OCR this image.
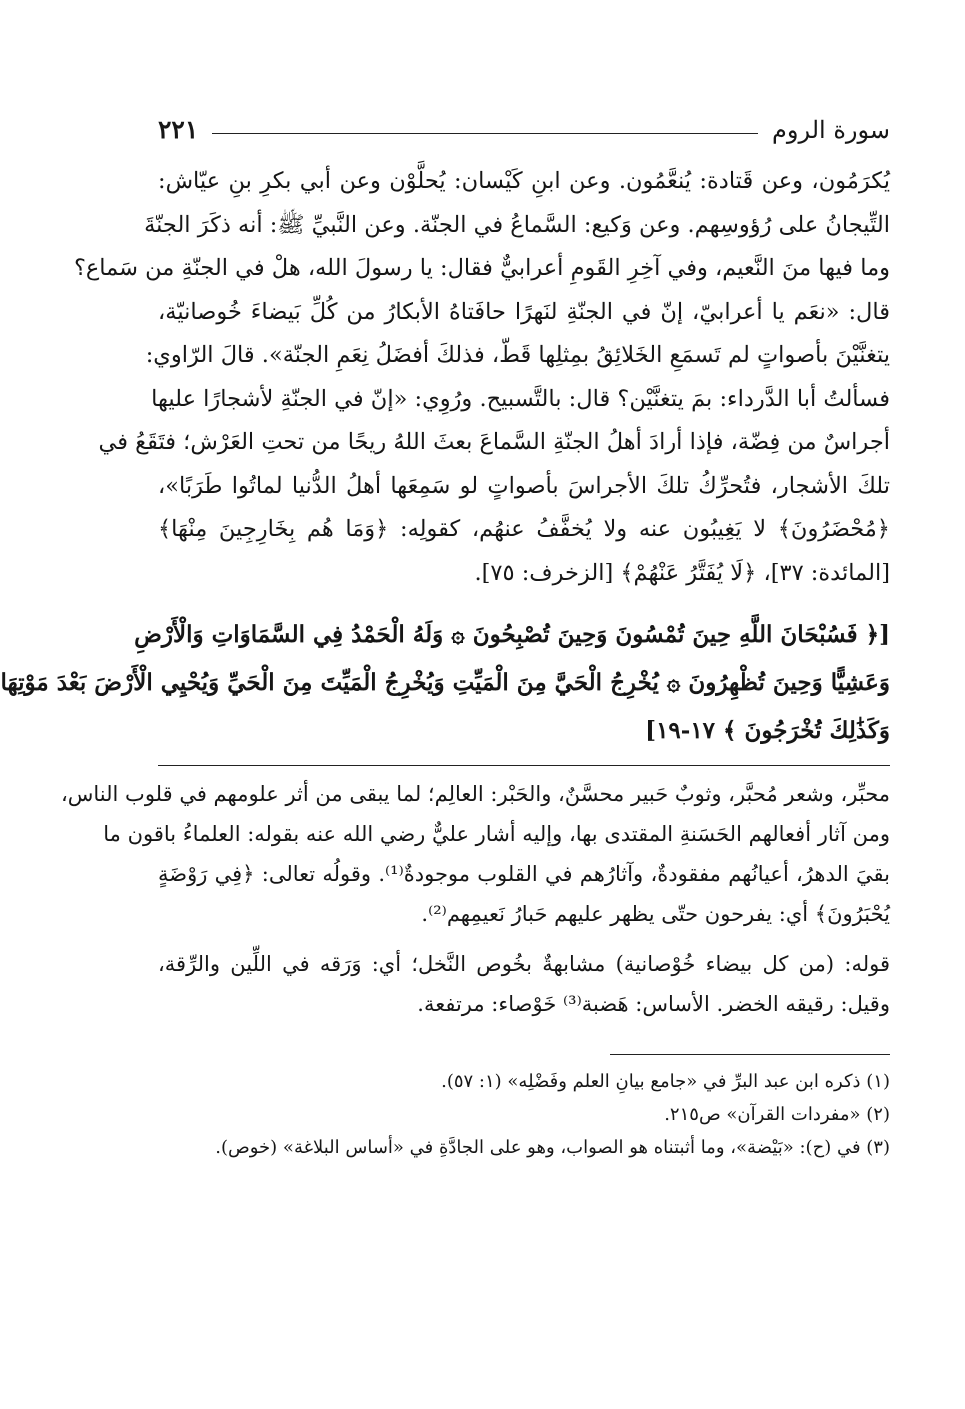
سورة الروم
٢٢١
يُكرَمُون، وعن قَتادة: يُنعَّمُون. وعن ابنِ كَيْسان: يُحلَّوْن وعن أبي بكرِ بنِ عيّاش:
التِّيجانُ على رُؤوسِهم. وعن وَكيع: السَّماعُ في الجنّة. وعن النَّبيِّ ﷺ: أنه ذكَرَ الجنّةَ
وما فيها منَ النَّعيم، وفي آخِرِ القَومِ أعرابيٌّ فقال: يا رسولَ الله، هلْ في الجنّةِ من سَماع؟
قال: «نعَم يا أعرابيّ، إنّ في الجنّةِ لنَهرًا حافَتاهُ الأبكارُ من كُلِّ بَيضاءَ خُوصانيّة،
يتغنَّيْنَ بأصواتٍ لم تَسمَعِ الخَلائِقُ بمِثلِها قَطّ، فذلكَ أفضَلُ نِعَمِ الجنّة». قالَ الرّاوي:
فسألتُ أبا الدَّرداء: بمَ يتغنَّيْن؟ قال: بالتَّسبيح. ورُوِي: «إنّ في الجنّةِ لأشجارًا عليها
أجراسٌ من فِضّة، فإذا أرادَ أهلُ الجنّةِ السَّماعَ بعثَ اللهُ ريحًا من تحتِ العَرْش؛ فتَقَعُ في
تلكَ الأشجار، فتُحرِّكُ تلكَ الأجراسَ بأصواتٍ لو سَمِعَها أهلُ الدُّنيا لماتُوا طَرَبًا»،
﴿مُحْضَرُونَ﴾ لا يَغِيبُون عنه ولا يُخفَّفُ عنهُم، كقولِه: ﴿وَمَا هُم بِخَارِجِينَ مِنْهَا﴾
[المائدة: ٣٧]، ﴿لَا يُفَتَّرُ عَنْهُمْ﴾ [الزخرف: ٧٥].
[﴿ فَسُبْحَانَ اللَّهِ حِينَ تُمْسُونَ وَحِينَ تُصْبِحُونَ ۞ وَلَهُ الْحَمْدُ فِي السَّمَاوَاتِ وَالْأَرْضِ
وَعَشِيًّا وَحِينَ تُظْهِرُونَ ۞ يُخْرِجُ الْحَيَّ مِنَ الْمَيِّتِ وَيُخْرِجُ الْمَيِّتَ مِنَ الْحَيِّ وَيُحْيِي الْأَرْضَ بَعْدَ مَوْتِهَا
وَكَذَٰلِكَ تُخْرَجُونَ ﴾ ١٧-١٩]
محبِّر، وشعر مُحبَّر، وثوبٌ حَبير محسَّنٌ، والحَبْر: العالِم؛ لما يبقى من أثر علومهم في قلوب الناس،
ومن آثار أفعالهم الحَسَنةِ المقتدى بها، وإليه أشار عليٌّ رضي الله عنه بقوله: العلماءُ باقون ما
بقيَ الدهرُ، أعيانُهم مفقودةٌ، وآثارُهم في القلوب موجودةٌ⁽¹⁾. وقولُه تعالى: ﴿فِي رَوْضَةٍ
يُحْبَرُونَ﴾ أي: يفرحون حتّى يظهر عليهم حَبارُ نَعيمِهم⁽²⁾.
قوله: (من كل بيضاء خُوْصانية) مشابهةٌ بخُوص النَّخل؛ أي: وَرَقه في اللِّين والرِّقة،
وقيل: رقيقه الخضر. الأساس: هَضبة⁽³⁾ خَوْصاء: مرتفعة.
(١) ذكره ابن عبد البرِّ في «جامع بيانِ العلم وفَضْلِه» (١: ٥٧).
(٢) «مفردات القرآن» ص٢١٥.
(٣) في (ح): «بَيْضة»، وما أثبتناه هو الصواب، وهو على الجادَّةِ في «أساس البلاغة» (خوص).
